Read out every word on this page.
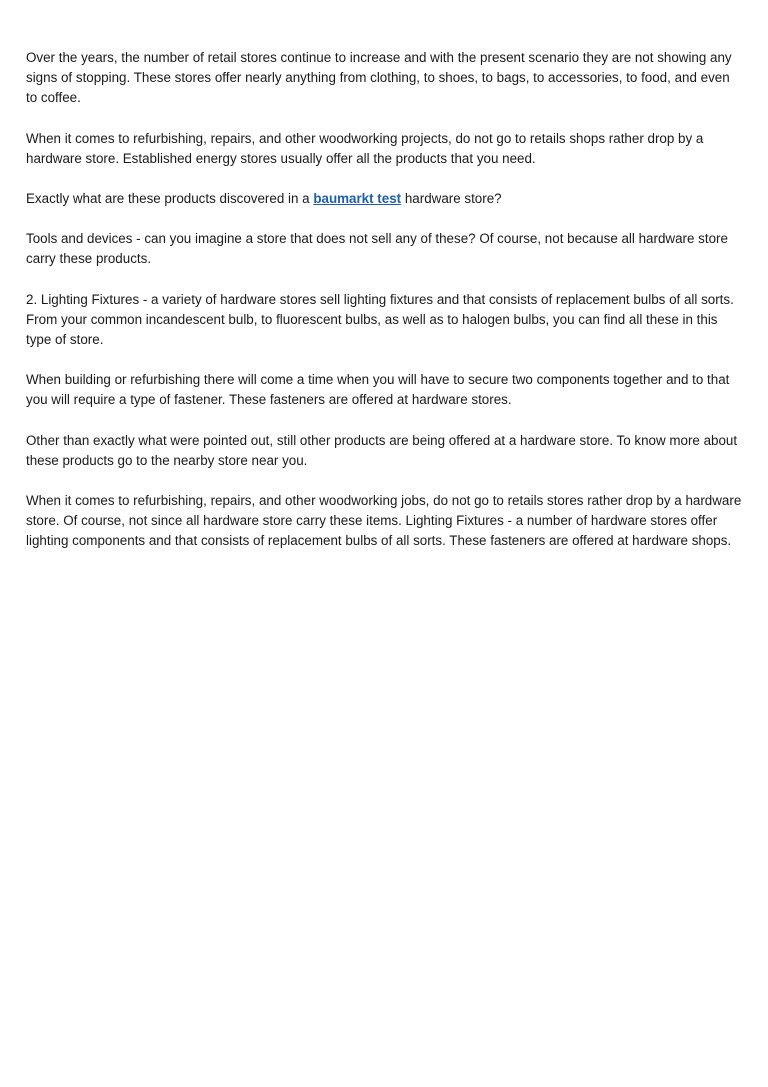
Over the years, the number of retail stores continue to increase and with the present scenario they are not showing any signs of stopping. These stores offer nearly anything from clothing, to shoes, to bags, to accessories, to food, and even to coffee.

When it comes to refurbishing, repairs, and other woodworking projects, do not go to retails shops rather drop by a hardware store. Established energy stores usually offer all the products that you need.

Exactly what are these products discovered in a baumarkt test hardware store?

Tools and devices - can you imagine a store that does not sell any of these? Of course, not because all hardware store carry these products.

2. Lighting Fixtures - a variety of hardware stores sell lighting fixtures and that consists of replacement bulbs of all sorts. From your common incandescent bulb, to fluorescent bulbs, as well as to halogen bulbs, you can find all these in this type of store.

When building or refurbishing there will come a time when you will have to secure two components together and to that you will require a type of fastener. These fasteners are offered at hardware stores.

Other than exactly what were pointed out, still other products are being offered at a hardware store. To know more about these products go to the nearby store near you.

When it comes to refurbishing, repairs, and other woodworking jobs, do not go to retails stores rather drop by a hardware store. Of course, not since all hardware store carry these items. Lighting Fixtures - a number of hardware stores offer lighting components and that consists of replacement bulbs of all sorts. These fasteners are offered at hardware shops.
